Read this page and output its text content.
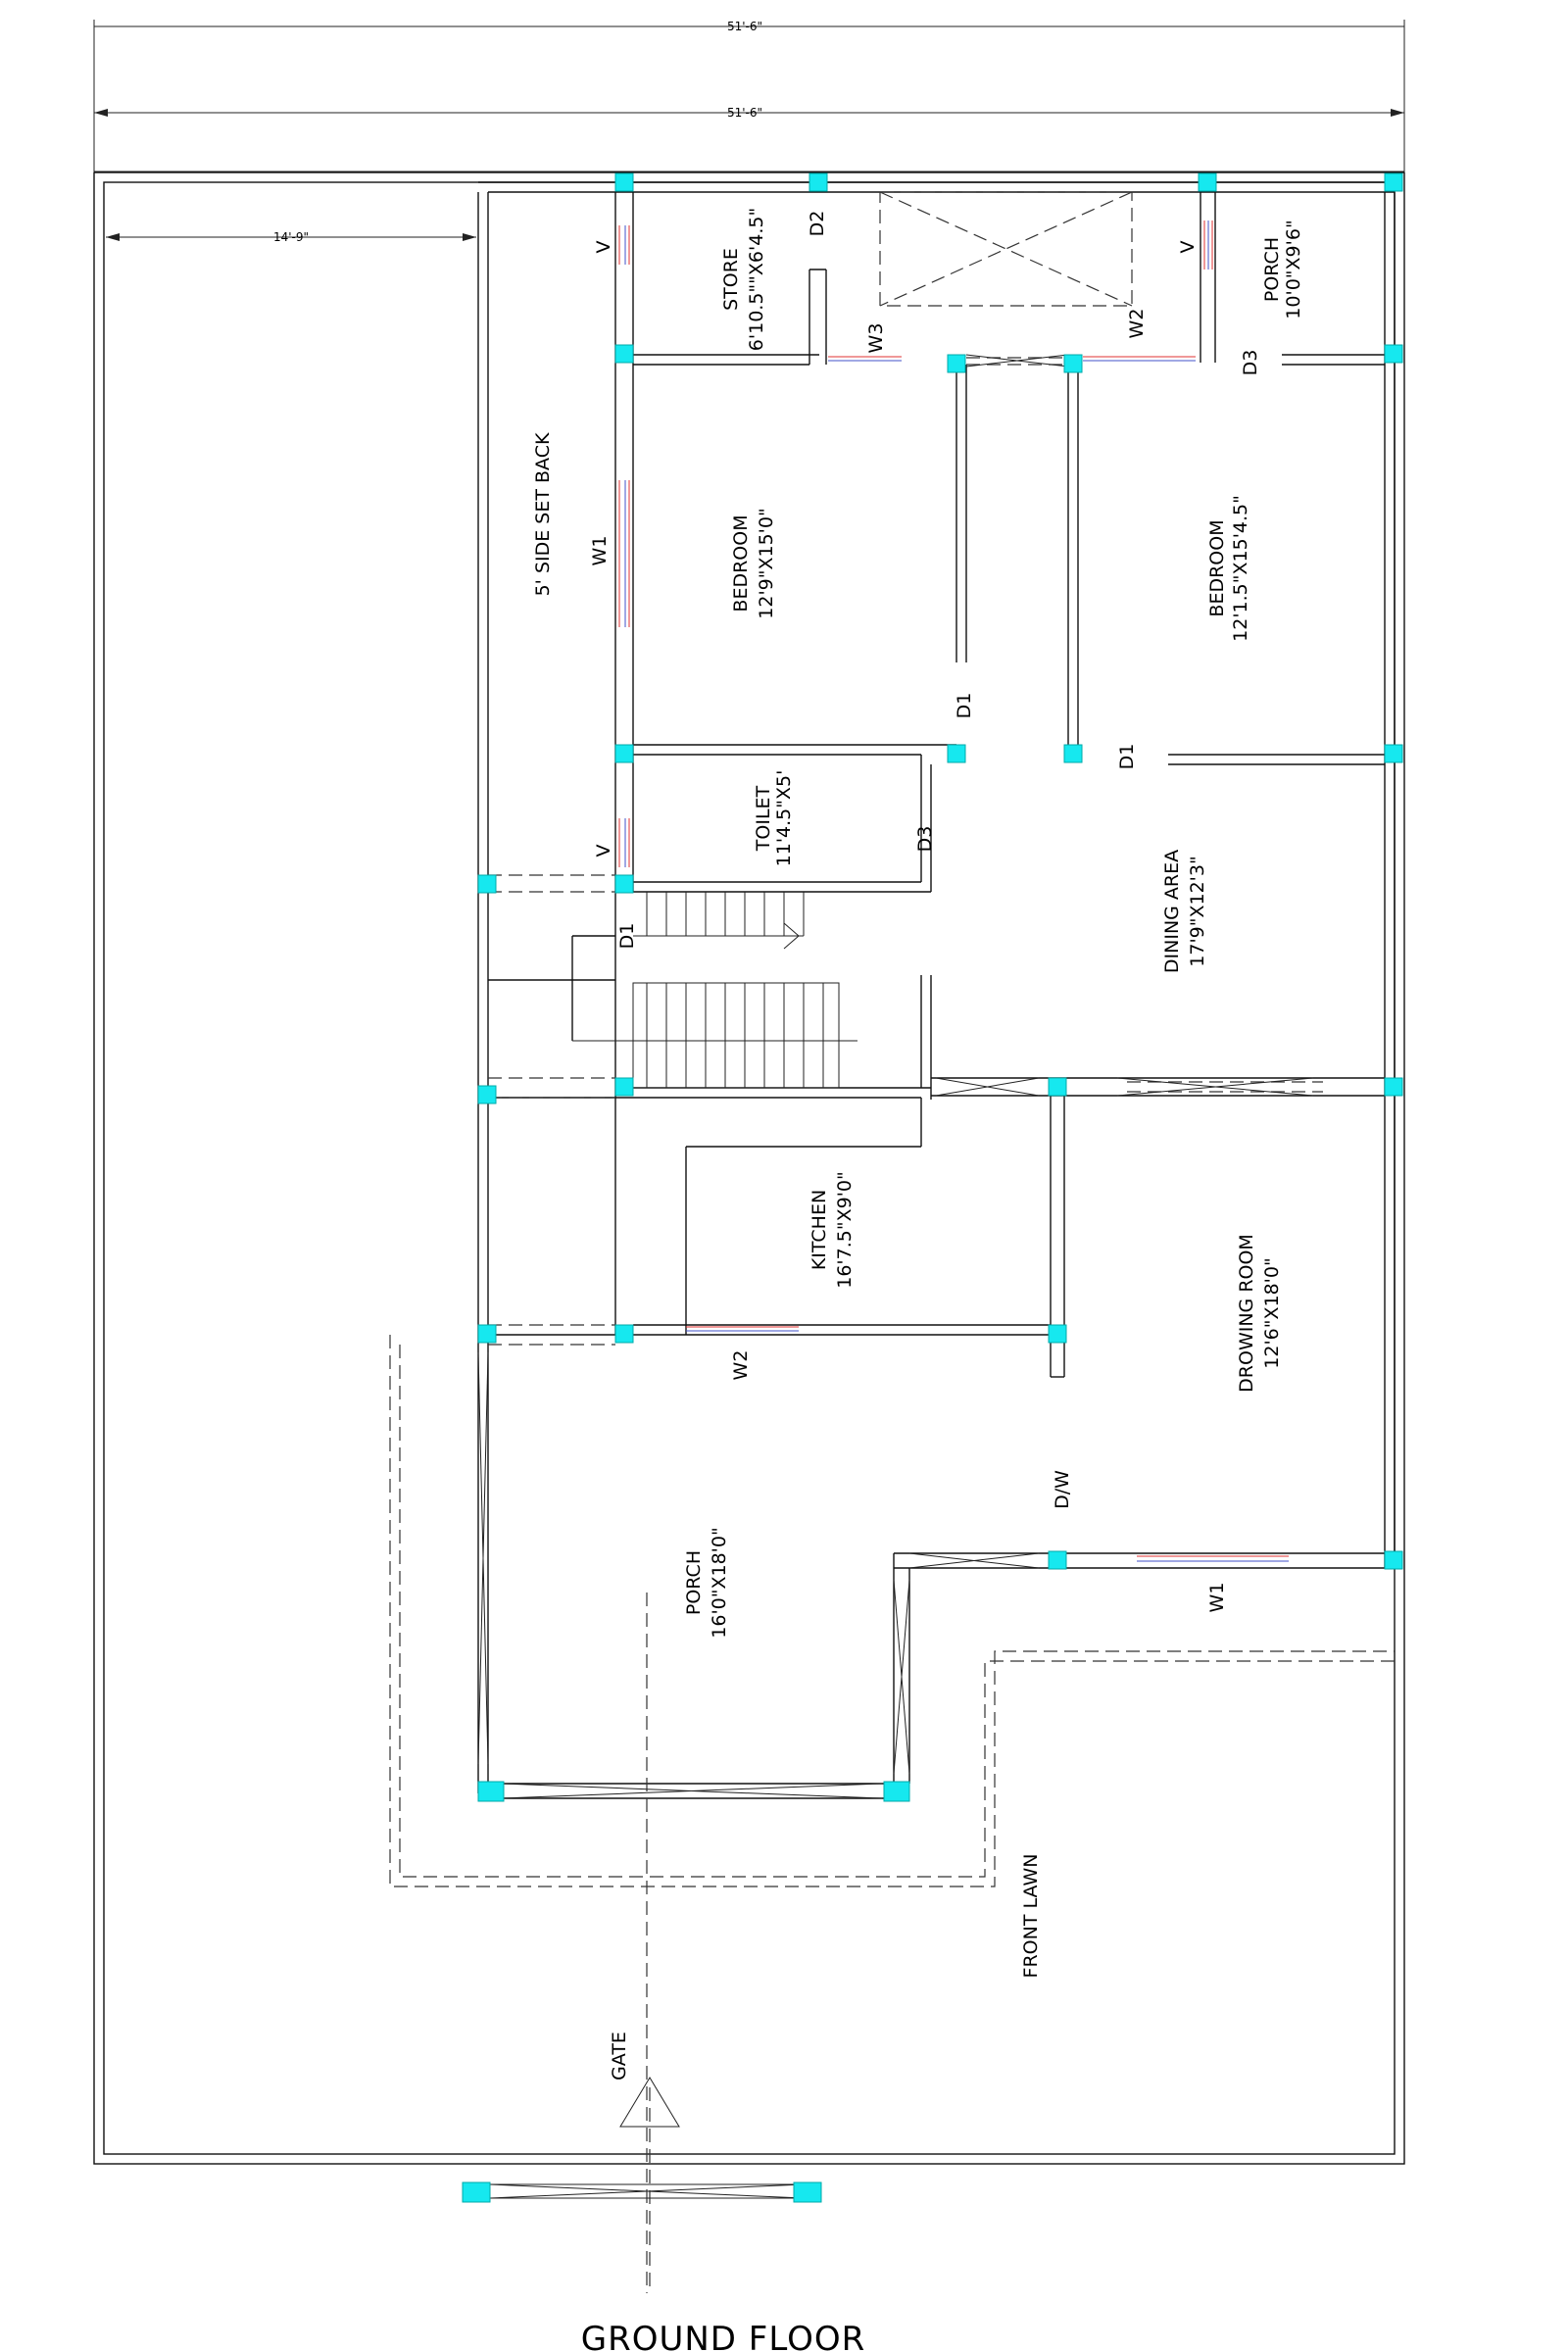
51'-6"
51'-6"
14'-9"
STORE 6'10.5""X6'4.5"	PORCH 10'0"X9'6"
5' SIDE SET BACK	BEDROOM 12'9"X15'0"	BEDROOM 12'1.5"X15'4.5"
TOILET 11'4.5"X5'
DINING AREA 17'9"X12'3"
KITCHEN 16'7.5"X9'0"
DROWING ROOM 12'6"X18'0"
PORCH 16'0"X18'0"
FRONT LAWN
GATE
V
D2
W3	W2
V
D3
W1
D1
D1
V	D3
D1
W2
D/W
W1
GROUND FLOOR
